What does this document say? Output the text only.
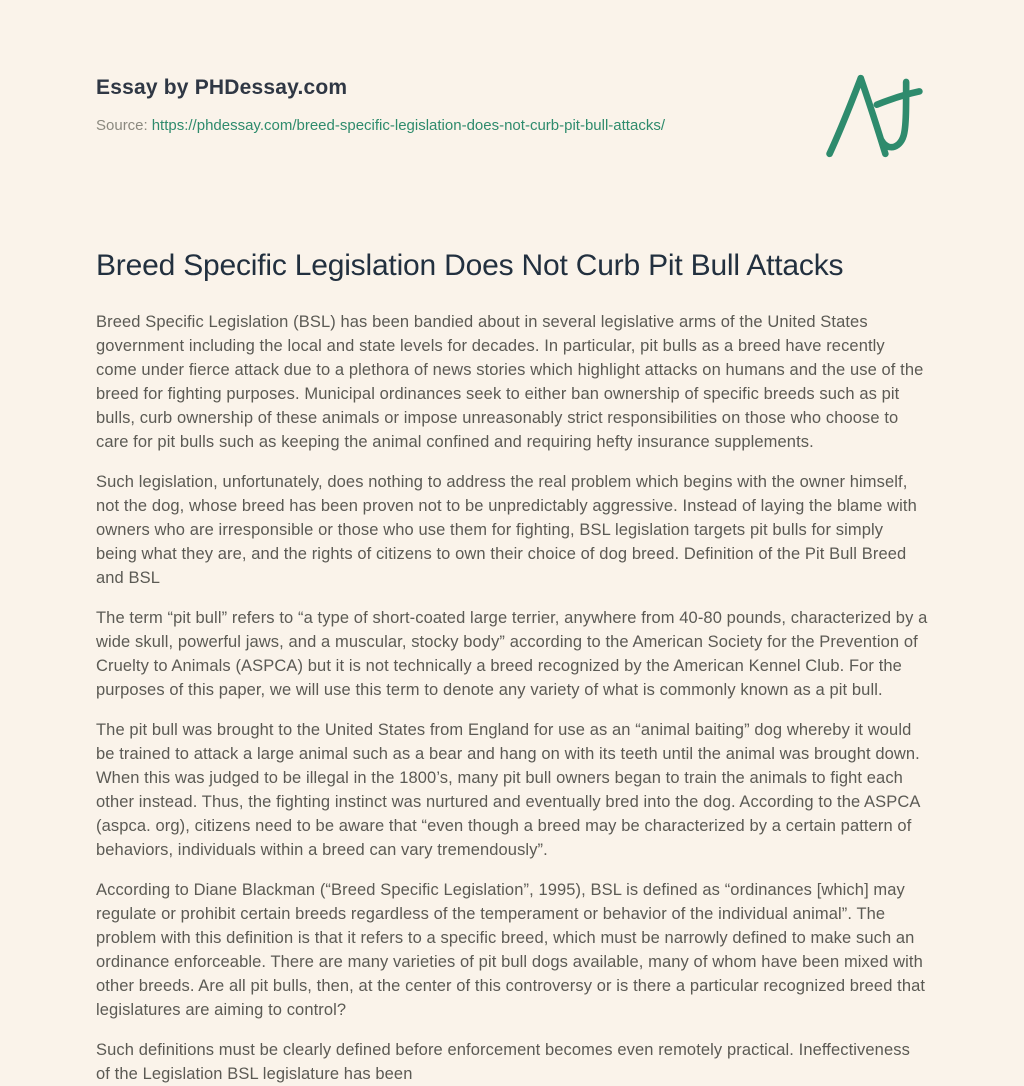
Essay by PHDessay.com
Source: https://phdessay.com/breed-specific-legislation-does-not-curb-pit-bull-attacks/
Breed Specific Legislation Does Not Curb Pit Bull Attacks

Breed Specific Legislation (BSL) has been bandied about in several legislative arms of the United States government including the local and state levels for decades. In particular, pit bulls as a breed have recently come under fierce attack due to a plethora of news stories which highlight attacks on humans and the use of the breed for fighting purposes. Municipal ordinances seek to either ban ownership of specific breeds such as pit bulls, curb ownership of these animals or impose unreasonably strict responsibilities on those who choose to care for pit bulls such as keeping the animal confined and requiring hefty insurance supplements.

Such legislation, unfortunately, does nothing to address the real problem which begins with the owner himself, not the dog, whose breed has been proven not to be unpredictably aggressive. Instead of laying the blame with owners who are irresponsible or those who use them for fighting, BSL legislation targets pit bulls for simply being what they are, and the rights of citizens to own their choice of dog breed. Definition of the Pit Bull Breed and BSL

The term “pit bull” refers to “a type of short-coated large terrier, anywhere from 40-80 pounds, characterized by a wide skull, powerful jaws, and a muscular, stocky body” according to the American Society for the Prevention of Cruelty to Animals (ASPCA) but it is not technically a breed recognized by the American Kennel Club. For the purposes of this paper, we will use this term to denote any variety of what is commonly known as a pit bull.

The pit bull was brought to the United States from England for use as an “animal baiting” dog whereby it would be trained to attack a large animal such as a bear and hang on with its teeth until the animal was brought down. When this was judged to be illegal in the 1800’s, many pit bull owners began to train the animals to fight each other instead. Thus, the fighting instinct was nurtured and eventually bred into the dog. According to the ASPCA (aspca. org), citizens need to be aware that “even though a breed may be characterized by a certain pattern of behaviors, individuals within a breed can vary tremendously”.

According to Diane Blackman (“Breed Specific Legislation”, 1995), BSL is defined as “ordinances [which] may regulate or prohibit certain breeds regardless of the temperament or behavior of the individual animal”. The problem with this definition is that it refers to a specific breed, which must be narrowly defined to make such an ordinance enforceable. There are many varieties of pit bull dogs available, many of whom have been mixed with other breeds. Are all pit bulls, then, at the center of this controversy or is there a particular recognized breed that legislatures are aiming to control?

Such definitions must be clearly defined before enforcement becomes even remotely practical. Ineffectiveness of the Legislation BSL legislature has been
